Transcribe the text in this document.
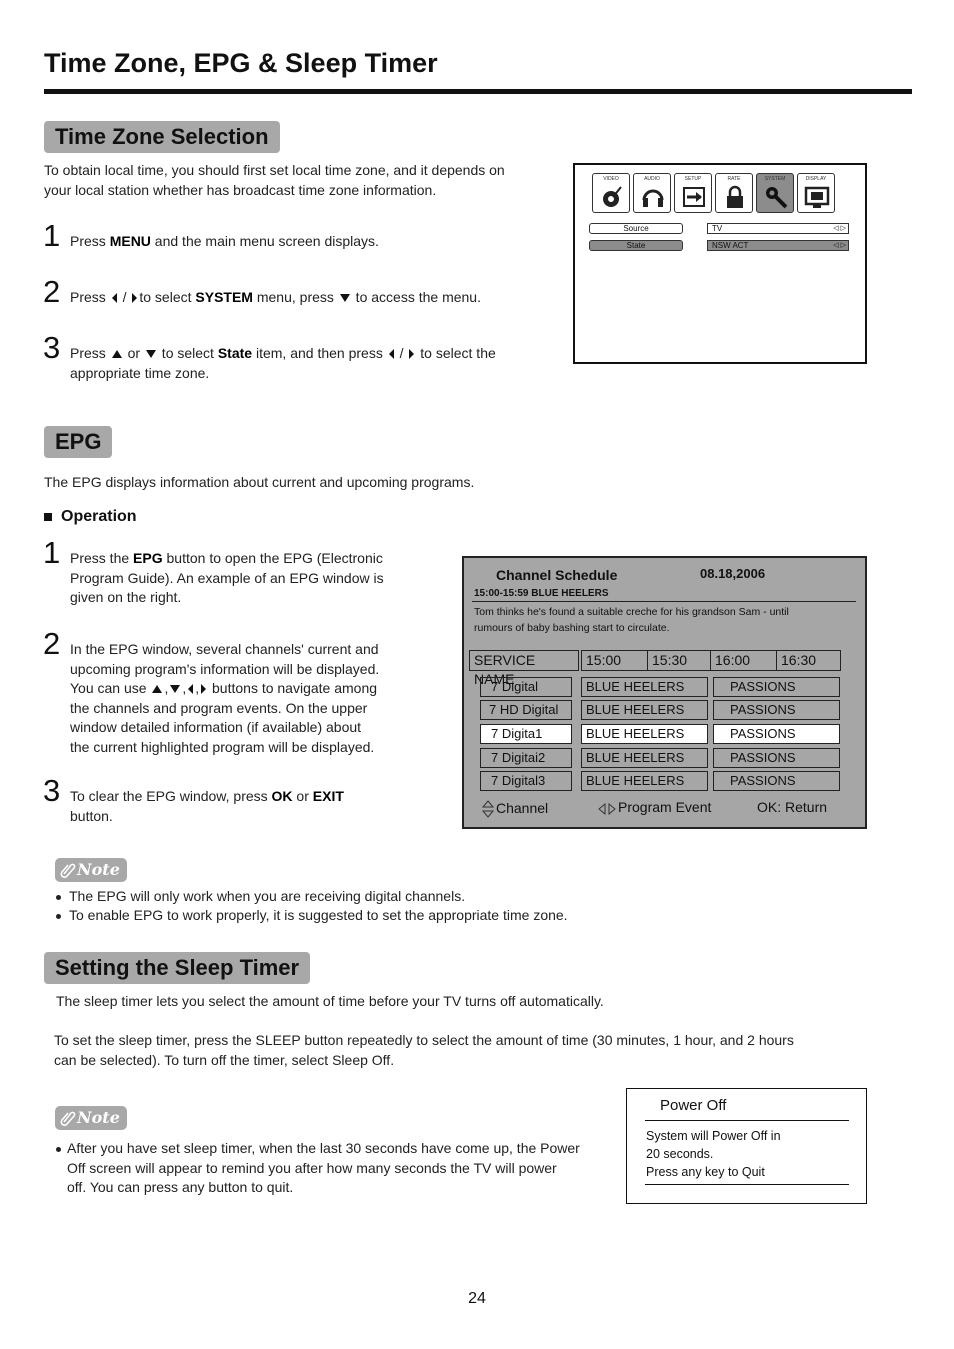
Time Zone, EPG & Sleep Timer
Time Zone Selection
To obtain local time, you should first set local time zone, and it depends on
your local station whether has broadcast time zone information.
1 Press MENU and the main menu screen displays.
2 Press  / to select SYSTEM menu, press  to access the menu.
3 Press  or  to select State item, and then press  /  to select the
appropriate time zone.
VIDEO	AUDIO	SETUP	RATE	SYSTEM	DISPLAY
Source	TV	◁ ▷
State	NSW ACT	◁ ▷
EPG
The EPG displays information about current and upcoming programs.
Operation
1 Press the EPG button to open the EPG (Electronic
Program Guide). An example of an EPG window is
given on the right.
2 In the EPG window, several channels' current and
upcoming program's information will be displayed.
You can use , , , buttons to navigate among
the channels and program events. On the upper
window detailed information (if available) about
the current highlighted program will be displayed.
3 To clear the EPG window, press OK or EXIT
button.
Channel Schedule	08.18,2006
15:00-15:59 BLUE HEELERS
Tom thinks he's found a suitable creche for his grandson Sam - until
rumours of baby bashing start to circulate.
SERVICE NAME
15:00	15:30	16:00	16:30
7 Digital	BLUE HEELERS	PASSIONS
7 HD Digital	BLUE HEELERS	PASSIONS
7 Digita1	BLUE HEELERS	PASSIONS
7 Digitai2	BLUE HEELERS	PASSIONS
7 Digital3	BLUE HEELERS	PASSIONS
Channel	Program Event	OK: Return
Note
The EPG will only work when you are receiving digital channels.
To enable EPG to work properly, it is suggested to set the appropriate time zone.
Setting the Sleep Timer
The sleep timer lets you select the amount of time before your TV turns off automatically.
To set the sleep timer, press the SLEEP button repeatedly to select the amount of time (30 minutes, 1 hour, and 2 hours
can be selected). To turn off the timer, select Sleep Off.
Note
After you have set sleep timer, when the last 30 seconds have come up, the Power
Off screen will appear to remind you after how many seconds the TV will power
off. You can press any button to quit.
Power Off
System will Power Off in
20 seconds.
Press any key to Quit
24
